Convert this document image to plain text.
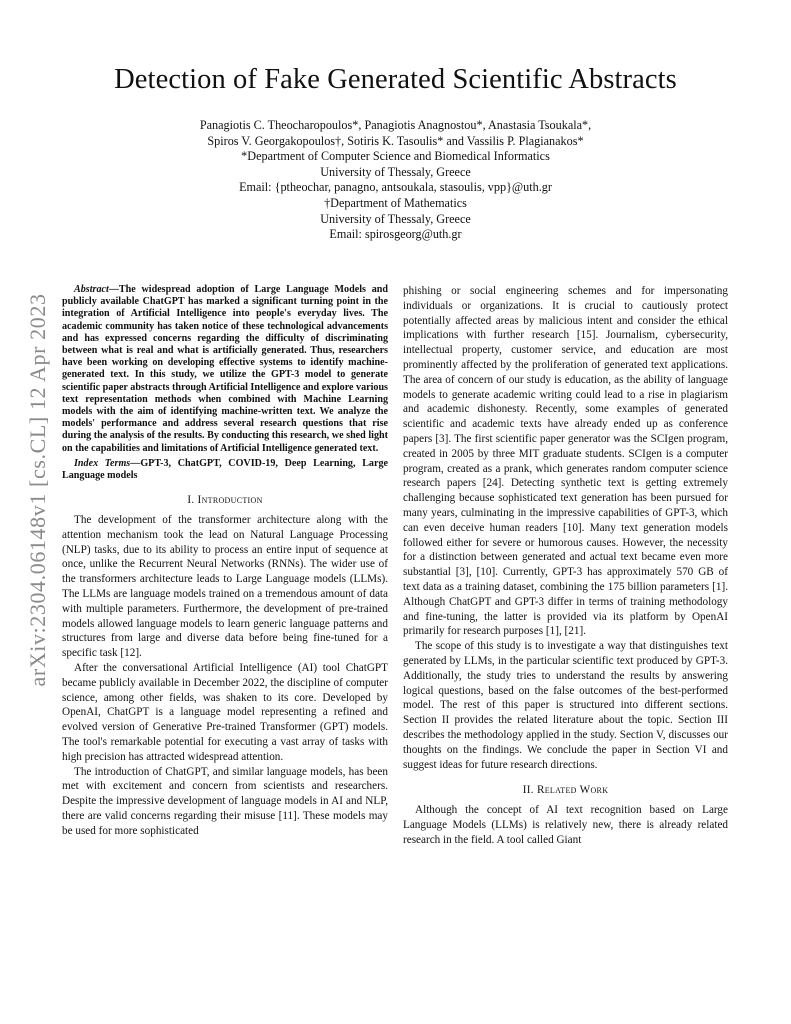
Detection of Fake Generated Scientific Abstracts
Panagiotis C. Theocharopoulos*, Panagiotis Anagnostou*, Anastasia Tsoukala*,
Spiros V. Georgakopoulos†, Sotiris K. Tasoulis* and Vassilis P. Plagianakos*
*Department of Computer Science and Biomedical Informatics
University of Thessaly, Greece
Email: {ptheochar, panagno, antsoukala, stasoulis, vpp}@uth.gr
†Department of Mathematics
University of Thessaly, Greece
Email: spirosgeorg@uth.gr
arXiv:2304.06148v1 [cs.CL] 12 Apr 2023

Abstract—The widespread adoption of Large Language Models and publicly available ChatGPT has marked a significant turning point in the integration of Artificial Intelligence into people's everyday lives. The academic community has taken notice of these technological advancements and has expressed concerns regarding the difficulty of discriminating between what is real and what is artificially generated. Thus, researchers have been working on developing effective systems to identify machine-generated text. In this study, we utilize the GPT-3 model to generate scientific paper abstracts through Artificial Intelligence and explore various text representation methods when combined with Machine Learning models with the aim of identifying machine-written text. We analyze the models' performance and address several research questions that rise during the analysis of the results. By conducting this research, we shed light on the capabilities and limitations of Artificial Intelligence generated text.

Index Terms—GPT-3, ChatGPT, COVID-19, Deep Learning, Large Language models

I. Introduction

The development of the transformer architecture along with the attention mechanism took the lead on Natural Language Processing (NLP) tasks, due to its ability to process an entire input of sequence at once, unlike the Recurrent Neural Networks (RNNs). The wider use of the transformers architecture leads to Large Language models (LLMs). The LLMs are language models trained on a tremendous amount of data with multiple parameters. Furthermore, the development of pre-trained models allowed language models to learn generic language patterns and structures from large and diverse data before being fine-tuned for a specific task [12].

After the conversational Artificial Intelligence (AI) tool ChatGPT became publicly available in December 2022, the discipline of computer science, among other fields, was shaken to its core. Developed by OpenAI, ChatGPT is a language model representing a refined and evolved version of Generative Pre-trained Transformer (GPT) models. The tool's remarkable potential for executing a vast array of tasks with high precision has attracted widespread attention.

The introduction of ChatGPT, and similar language models, has been met with excitement and concern from scientists and researchers. Despite the impressive development of language models in AI and NLP, there are valid concerns regarding their misuse [11]. These models may be used for more sophisticated

phishing or social engineering schemes and for impersonating individuals or organizations. It is crucial to cautiously protect potentially affected areas by malicious intent and consider the ethical implications with further research [15]. Journalism, cybersecurity, intellectual property, customer service, and education are most prominently affected by the proliferation of generated text applications. The area of concern of our study is education, as the ability of language models to generate academic writing could lead to a rise in plagiarism and academic dishonesty. Recently, some examples of generated scientific and academic texts have already ended up as conference papers [3]. The first scientific paper generator was the SCIgen program, created in 2005 by three MIT graduate students. SCIgen is a computer program, created as a prank, which generates random computer science research papers [24]. Detecting synthetic text is getting extremely challenging because sophisticated text generation has been pursued for many years, culminating in the impressive capabilities of GPT-3, which can even deceive human readers [10]. Many text generation models followed either for severe or humorous causes. However, the necessity for a distinction between generated and actual text became even more substantial [3], [10]. Currently, GPT-3 has approximately 570 GB of text data as a training dataset, combining the 175 billion parameters [1]. Although ChatGPT and GPT-3 differ in terms of training methodology and fine-tuning, the latter is provided via its platform by OpenAI primarily for research purposes [1], [21].

The scope of this study is to investigate a way that distinguishes text generated by LLMs, in the particular scientific text produced by GPT-3. Additionally, the study tries to understand the results by answering logical questions, based on the false outcomes of the best-performed model. The rest of this paper is structured into different sections. Section II provides the related literature about the topic. Section III describes the methodology applied in the study. Section V, discusses our thoughts on the findings. We conclude the paper in Section VI and suggest ideas for future research directions.

II. Related Work

Although the concept of AI text recognition based on Large Language Models (LLMs) is relatively new, there is already related research in the field. A tool called Giant
